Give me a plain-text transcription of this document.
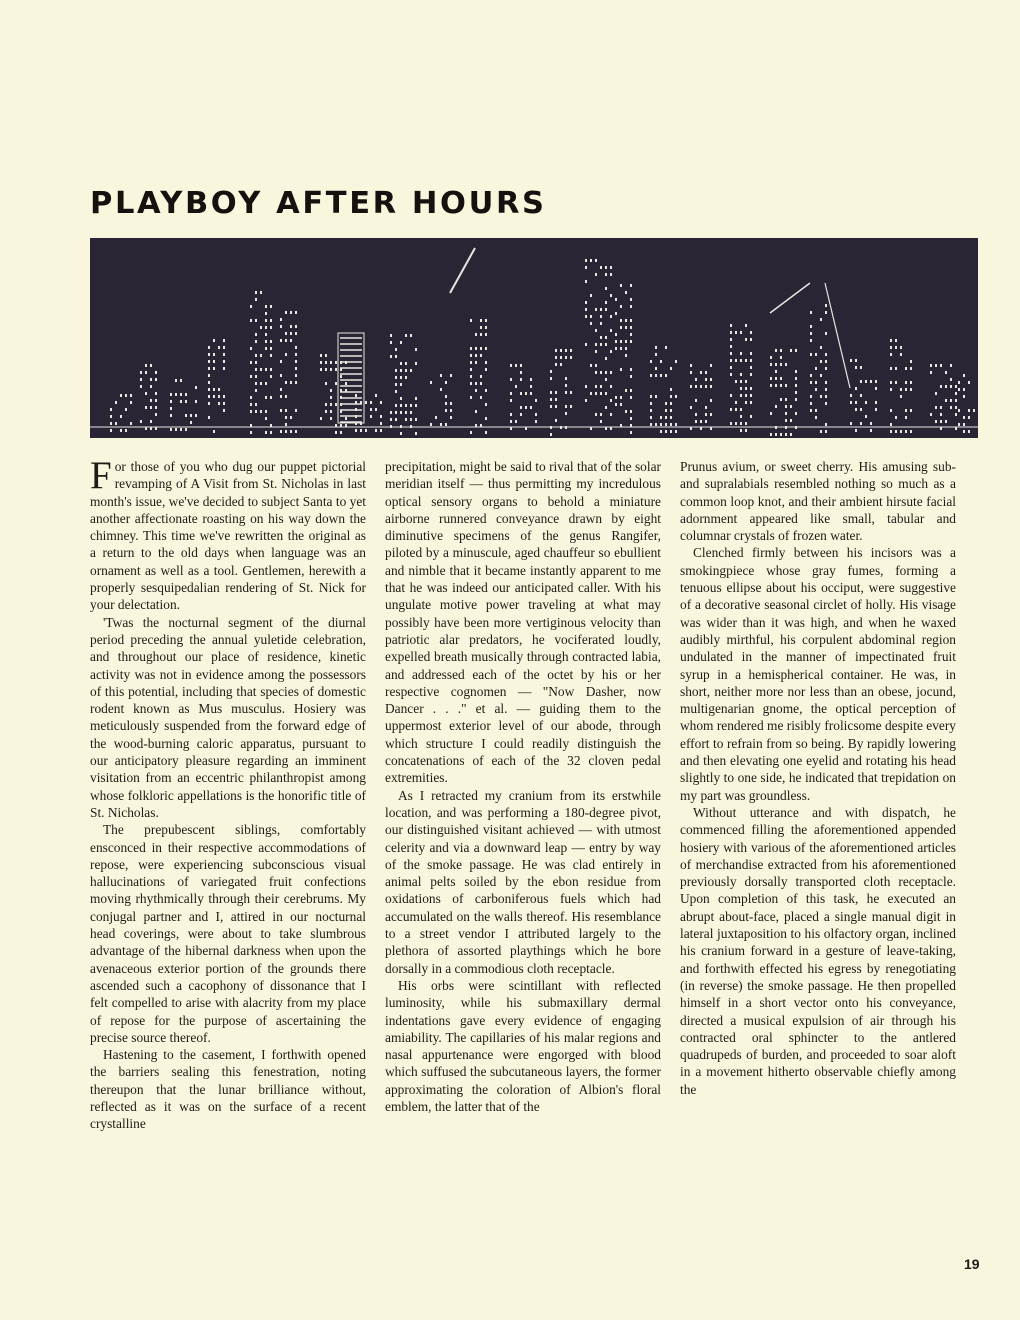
PLAYBOY AFTER HOURS

For those of you who dug our puppet pictorial revamping of A Visit from St. Nicholas in last month's issue, we've decided to subject Santa to yet another affectionate roasting on his way down the chimney. This time we've rewritten the original as a return to the old days when language was an ornament as well as a tool. Gentlemen, herewith a properly sesquipedalian rendering of St. Nick for your delectation.

'Twas the nocturnal segment of the diurnal period preceding the annual yuletide celebration, and throughout our place of residence, kinetic activity was not in evidence among the possessors of this potential, including that species of domestic rodent known as Mus musculus. Hosiery was meticulously suspended from the forward edge of the wood-burning caloric apparatus, pursuant to our anticipatory pleasure regarding an imminent visitation from an eccentric philanthropist among whose folkloric appellations is the honorific title of St. Nicholas.

The prepubescent siblings, comfortably ensconced in their respective accommodations of repose, were experiencing subconscious visual hallucinations of variegated fruit confections moving rhythmically through their cerebrums. My conjugal partner and I, attired in our nocturnal head coverings, were about to take slumbrous advantage of the hibernal darkness when upon the avenaceous exterior portion of the grounds there ascended such a cacophony of dissonance that I felt compelled to arise with alacrity from my place of repose for the purpose of ascertaining the precise source thereof.

Hastening to the casement, I forthwith opened the barriers sealing this fenestration, noting thereupon that the lunar brilliance without, reflected as it was on the surface of a recent crystalline

precipitation, might be said to rival that of the solar meridian itself — thus permitting my incredulous optical sensory organs to behold a miniature airborne runnered conveyance drawn by eight diminutive specimens of the genus Rangifer, piloted by a minuscule, aged chauffeur so ebullient and nimble that it became instantly apparent to me that he was indeed our anticipated caller. With his ungulate motive power traveling at what may possibly have been more vertiginous velocity than patriotic alar predators, he vociferated loudly, expelled breath musically through contracted labia, and addressed each of the octet by his or her respective cognomen — "Now Dasher, now Dancer . . ." et al. — guiding them to the uppermost exterior level of our abode, through which structure I could readily distinguish the concatenations of each of the 32 cloven pedal extremities.

As I retracted my cranium from its erstwhile location, and was performing a 180-degree pivot, our distinguished visitant achieved — with utmost celerity and via a downward leap — entry by way of the smoke passage. He was clad entirely in animal pelts soiled by the ebon residue from oxidations of carboniferous fuels which had accumulated on the walls thereof. His resemblance to a street vendor I attributed largely to the plethora of assorted playthings which he bore dorsally in a commodious cloth receptacle.

His orbs were scintillant with reflected luminosity, while his submaxillary dermal indentations gave every evidence of engaging amiability. The capillaries of his malar regions and nasal appurtenance were engorged with blood which suffused the subcutaneous layers, the former approximating the coloration of Albion's floral emblem, the latter that of the

Prunus avium, or sweet cherry. His amusing sub- and supralabials resembled nothing so much as a common loop knot, and their ambient hirsute facial adornment appeared like small, tabular and columnar crystals of frozen water.

Clenched firmly between his incisors was a smokingpiece whose gray fumes, forming a tenuous ellipse about his occiput, were suggestive of a decorative seasonal circlet of holly. His visage was wider than it was high, and when he waxed audibly mirthful, his corpulent abdominal region undulated in the manner of impectinated fruit syrup in a hemispherical container. He was, in short, neither more nor less than an obese, jocund, multigenarian gnome, the optical perception of whom rendered me risibly frolicsome despite every effort to refrain from so being. By rapidly lowering and then elevating one eyelid and rotating his head slightly to one side, he indicated that trepidation on my part was groundless.

Without utterance and with dispatch, he commenced filling the aforementioned appended hosiery with various of the aforementioned articles of merchandise extracted from his aforementioned previously dorsally transported cloth receptacle. Upon completion of this task, he executed an abrupt about-face, placed a single manual digit in lateral juxtaposition to his olfactory organ, inclined his cranium forward in a gesture of leave-taking, and forthwith effected his egress by renegotiating (in reverse) the smoke passage. He then propelled himself in a short vector onto his conveyance, directed a musical expulsion of air through his contracted oral sphincter to the antlered quadrupeds of burden, and proceeded to soar aloft in a movement hitherto observable chiefly among the

19
